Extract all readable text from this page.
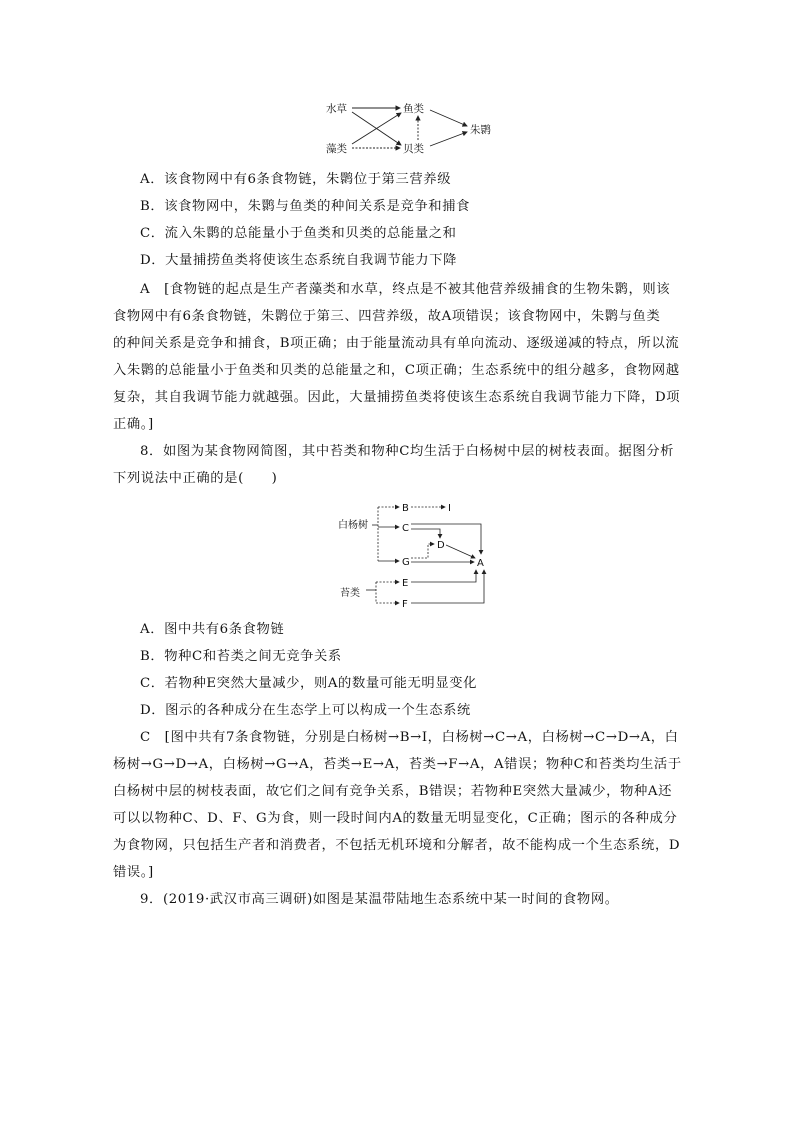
水草
藻类
鱼类
贝类
朱鹮
A．该食物网中有6条食物链，朱鹮位于第三营养级
B．该食物网中，朱鹮与鱼类的种间关系是竞争和捕食
C．流入朱鹮的总能量小于鱼类和贝类的总能量之和
D．大量捕捞鱼类将使该生态系统自我调节能力下降
A　[食物链的起点是生产者藻类和水草，终点是不被其他营养级捕食的生物朱鹮，则该
食物网中有6条食物链，朱鹮位于第三、四营养级，故A项错误；该食物网中，朱鹮与鱼类
的种间关系是竞争和捕食，B项正确；由于能量流动具有单向流动、逐级递减的特点，所以流
入朱鹮的总能量小于鱼类和贝类的总能量之和，C项正确；生态系统中的组分越多，食物网越
复杂，其自我调节能力就越强。因此，大量捕捞鱼类将使该生态系统自我调节能力下降，D项
正确。]
8．如图为某食物网简图，其中苔类和物种C均生活于白杨树中层的树枝表面。据图分析
下列说法中正确的是(　　)
白杨树
苔类
B	I
C
D
G	A
E
F
A．图中共有6条食物链
B．物种C和苔类之间无竞争关系
C．若物种E突然大量减少，则A的数量可能无明显变化
D．图示的各种成分在生态学上可以构成一个生态系统
C　[图中共有7条食物链，分别是白杨树→B→I，白杨树→C→A，白杨树→C→D→A，白
杨树→G→D→A，白杨树→G→A，苔类→E→A，苔类→F→A，A错误；物种C和苔类均生活于
白杨树中层的树枝表面，故它们之间有竞争关系，B错误；若物种E突然大量减少，物种A还
可以以物种C、D、F、G为食，则一段时间内A的数量无明显变化，C正确；图示的各种成分
为食物网，只包括生产者和消费者，不包括无机环境和分解者，故不能构成一个生态系统，D
错误。]
9．(2019·武汉市高三调研)如图是某温带陆地生态系统中某一时间的食物网。
